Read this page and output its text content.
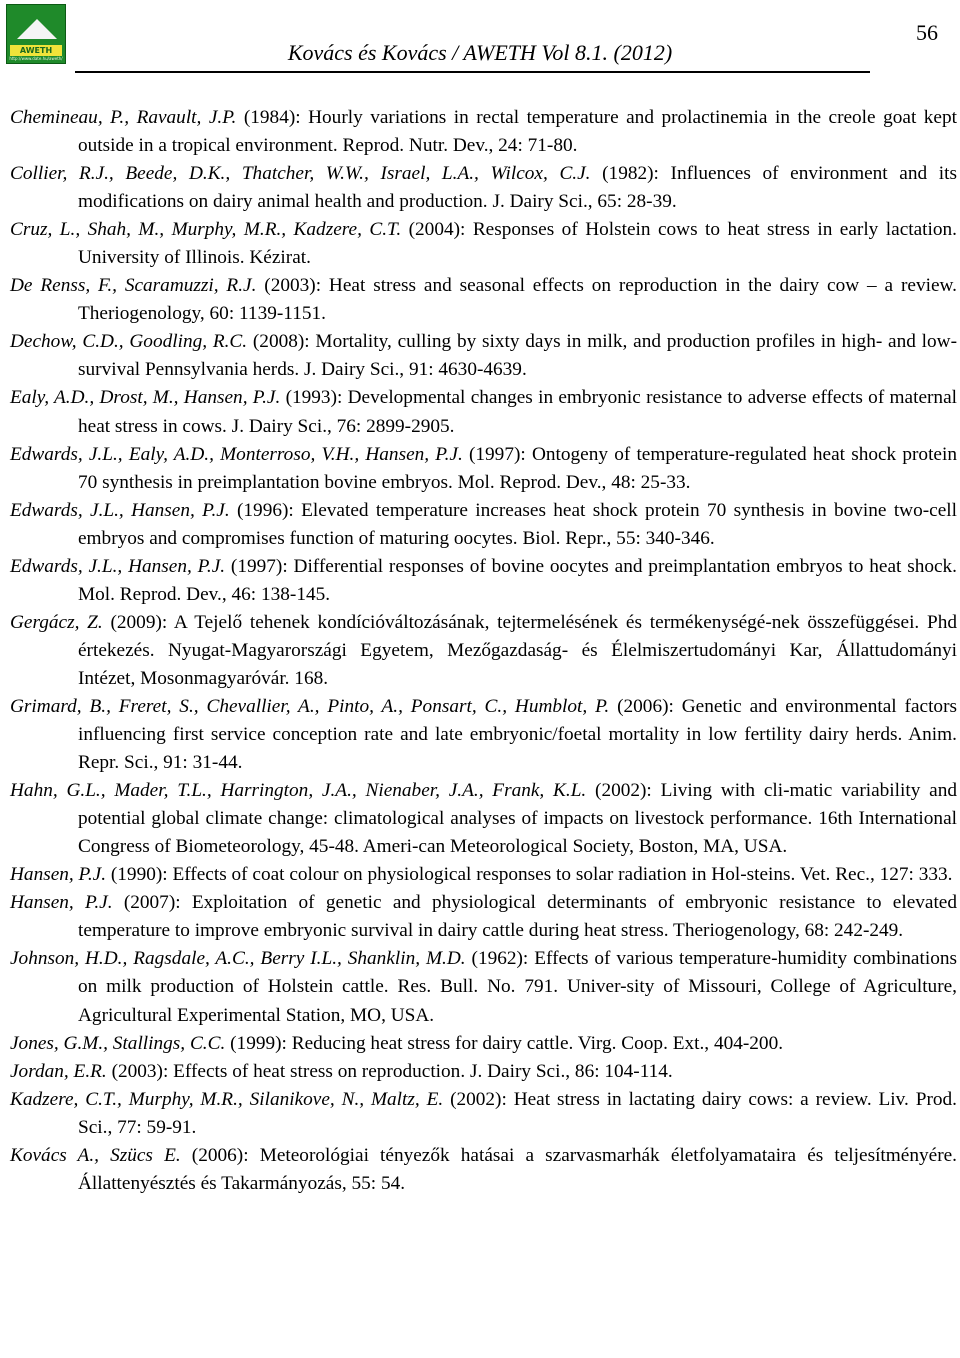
AWETH
http://www.date.hu/aweth/	Kovács és Kovács / AWETH Vol 8.1. (2012)
56
Chemineau, P., Ravault, J.P. (1984): Hourly variations in rectal temperature and prolactinemia in the creole goat kept outside in a tropical environment. Reprod. Nutr. Dev., 24: 71-80.
Collier, R.J., Beede, D.K., Thatcher, W.W., Israel, L.A., Wilcox, C.J. (1982): Influences of environment and its modifications on dairy animal health and production. J. Dairy Sci., 65: 28-39.
Cruz, L., Shah, M., Murphy, M.R., Kadzere, C.T. (2004): Responses of Holstein cows to heat stress in early lactation. University of Illinois. Kézirat.
De Renss, F., Scaramuzzi, R.J. (2003): Heat stress and seasonal effects on reproduction in the dairy cow – a review. Theriogenology, 60: 1139-1151.
Dechow, C.D., Goodling, R.C. (2008): Mortality, culling by sixty days in milk, and production profiles in high- and low-survival Pennsylvania herds. J. Dairy Sci., 91: 4630-4639.
Ealy, A.D., Drost, M., Hansen, P.J. (1993): Developmental changes in embryonic resistance to adverse effects of maternal heat stress in cows. J. Dairy Sci., 76: 2899-2905.
Edwards, J.L., Ealy, A.D., Monterroso, V.H., Hansen, P.J. (1997): Ontogeny of temperature-regulated heat shock protein 70 synthesis in preimplantation bovine embryos. Mol. Reprod. Dev., 48: 25-33.
Edwards, J.L., Hansen, P.J. (1996): Elevated temperature increases heat shock protein 70 synthesis in bovine two-cell embryos and compromises function of maturing oocytes. Biol. Repr., 55: 340-346.
Edwards, J.L., Hansen, P.J. (1997): Differential responses of bovine oocytes and preimplantation embryos to heat shock. Mol. Reprod. Dev., 46: 138-145.
Gergácz, Z. (2009): A Tejelő tehenek kondícióváltozásának, tejtermelésének és termékenységé-nek összefüggései. Phd értekezés. Nyugat-Magyarországi Egyetem, Mezőgazdaság- és Élelmiszertudományi Kar, Állattudományi Intézet, Mosonmagyaróvár. 168.
Grimard, B., Freret, S., Chevallier, A., Pinto, A., Ponsart, C., Humblot, P. (2006): Genetic and environmental factors influencing first service conception rate and late embryonic/foetal mortality in low fertility dairy herds. Anim. Repr. Sci., 91: 31-44.
Hahn, G.L., Mader, T.L., Harrington, J.A., Nienaber, J.A., Frank, K.L. (2002): Living with cli-matic variability and potential global climate change: climatological analyses of impacts on livestock performance. 16th International Congress of Biometeorology, 45-48. Ameri-can Meteorological Society, Boston, MA, USA.
Hansen, P.J. (1990): Effects of coat colour on physiological responses to solar radiation in Hol-steins. Vet. Rec., 127: 333.
Hansen, P.J. (2007): Exploitation of genetic and physiological determinants of embryonic resistance to elevated temperature to improve embryonic survival in dairy cattle during heat stress. Theriogenology, 68: 242-249.
Johnson, H.D., Ragsdale, A.C., Berry I.L., Shanklin, M.D. (1962): Effects of various temperature-humidity combinations on milk production of Holstein cattle. Res. Bull. No. 791. Univer-sity of Missouri, College of Agriculture, Agricultural Experimental Station, MO, USA.
Jones, G.M., Stallings, C.C. (1999): Reducing heat stress for dairy cattle. Virg. Coop. Ext., 404-200.
Jordan, E.R. (2003): Effects of heat stress on reproduction. J. Dairy Sci., 86: 104-114.
Kadzere, C.T., Murphy, M.R., Silanikove, N., Maltz, E. (2002): Heat stress in lactating dairy cows: a review. Liv. Prod. Sci., 77: 59-91.
Kovács A., Szücs E. (2006): Meteorológiai tényezők hatásai a szarvasmarhák életfolyamataira és teljesítményére. Állattenyésztés és Takarmányozás, 55: 54.
